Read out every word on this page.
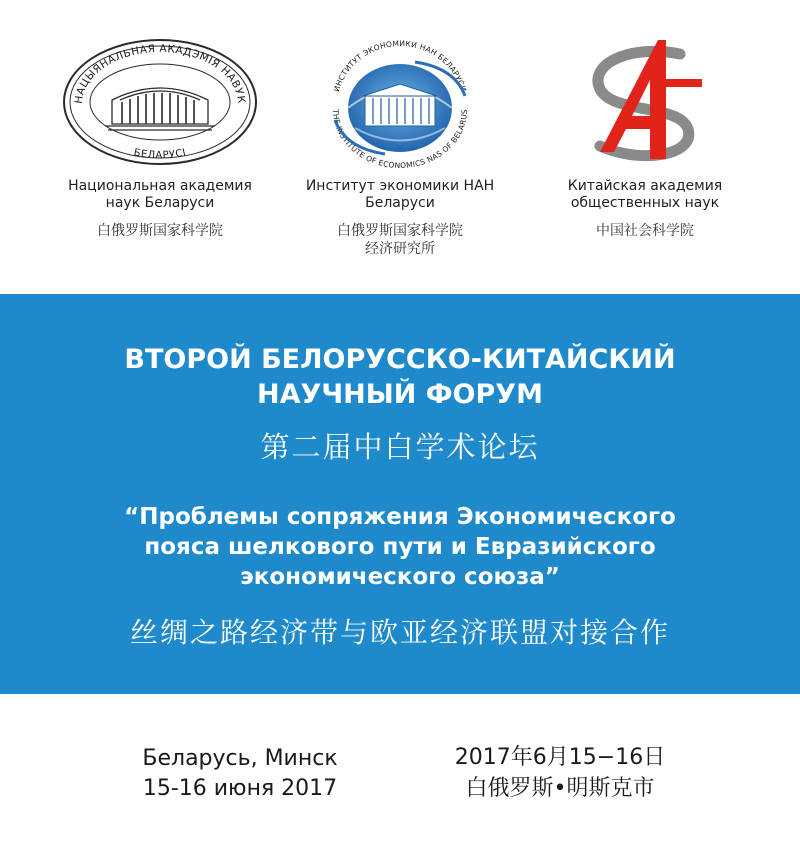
НАЦЫЯНАЛЬНАЯ АКАДЭМІЯ НАВУК
БЕЛАРУСІ
Национальная академия
наук Беларуси
白俄罗斯国家科学院
ИНСТИТУТ ЭКОНОМИКИ НАН БЕЛАРУСИ
THE INSTITUTE OF ECONOMICS NAS OF BELARUS
Институт экономики НАН
Беларуси
白俄罗斯国家科学院
经济研究所
Китайская академия
общественных наук
中国社会科学院
ВТОРОЙ БЕЛОРУССКО-КИТАЙСКИЙ
НАУЧНЫЙ ФОРУМ
第二届中白学术论坛
“Проблемы сопряжения Экономического
пояса шелкового пути и Евразийского
экономического союза”
丝绸之路经济带与欧亚经济联盟对接合作
Беларусь, Минск
15-16 июня 2017
2017年6月15−16日
白俄罗斯•明斯克市
